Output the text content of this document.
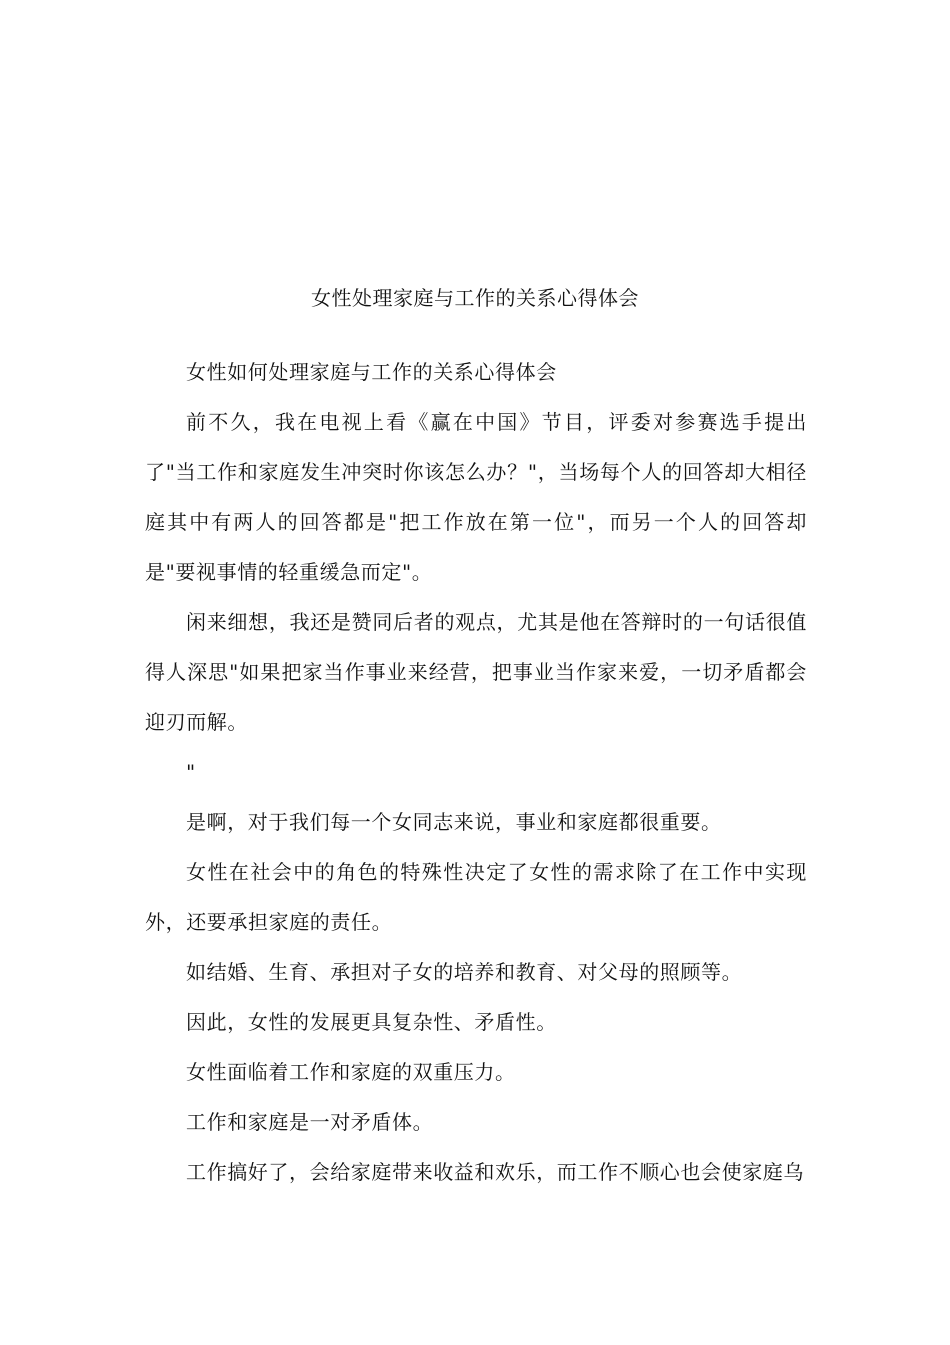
女性处理家庭与工作的关系心得体会

女性如何处理家庭与工作的关系心得体会

前不久，我在电视上看《赢在中国》节目，评委对参赛选手提出了"当工作和家庭发生冲突时你该怎么办？"，当场每个人的回答却大相径庭其中有两人的回答都是"把工作放在第一位"，而另一个人的回答却是"要视事情的轻重缓急而定"。

闲来细想，我还是赞同后者的观点，尤其是他在答辩时的一句话很值得人深思"如果把家当作事业来经营，把事业当作家来爱，一切矛盾都会迎刃而解。

"

是啊，对于我们每一个女同志来说，事业和家庭都很重要。

女性在社会中的角色的特殊性决定了女性的需求除了在工作中实现外，还要承担家庭的责任。

如结婚、生育、承担对子女的培养和教育、对父母的照顾等。

因此，女性的发展更具复杂性、矛盾性。

女性面临着工作和家庭的双重压力。

工作和家庭是一对矛盾体。

工作搞好了，会给家庭带来收益和欢乐，而工作不顺心也会使家庭乌
